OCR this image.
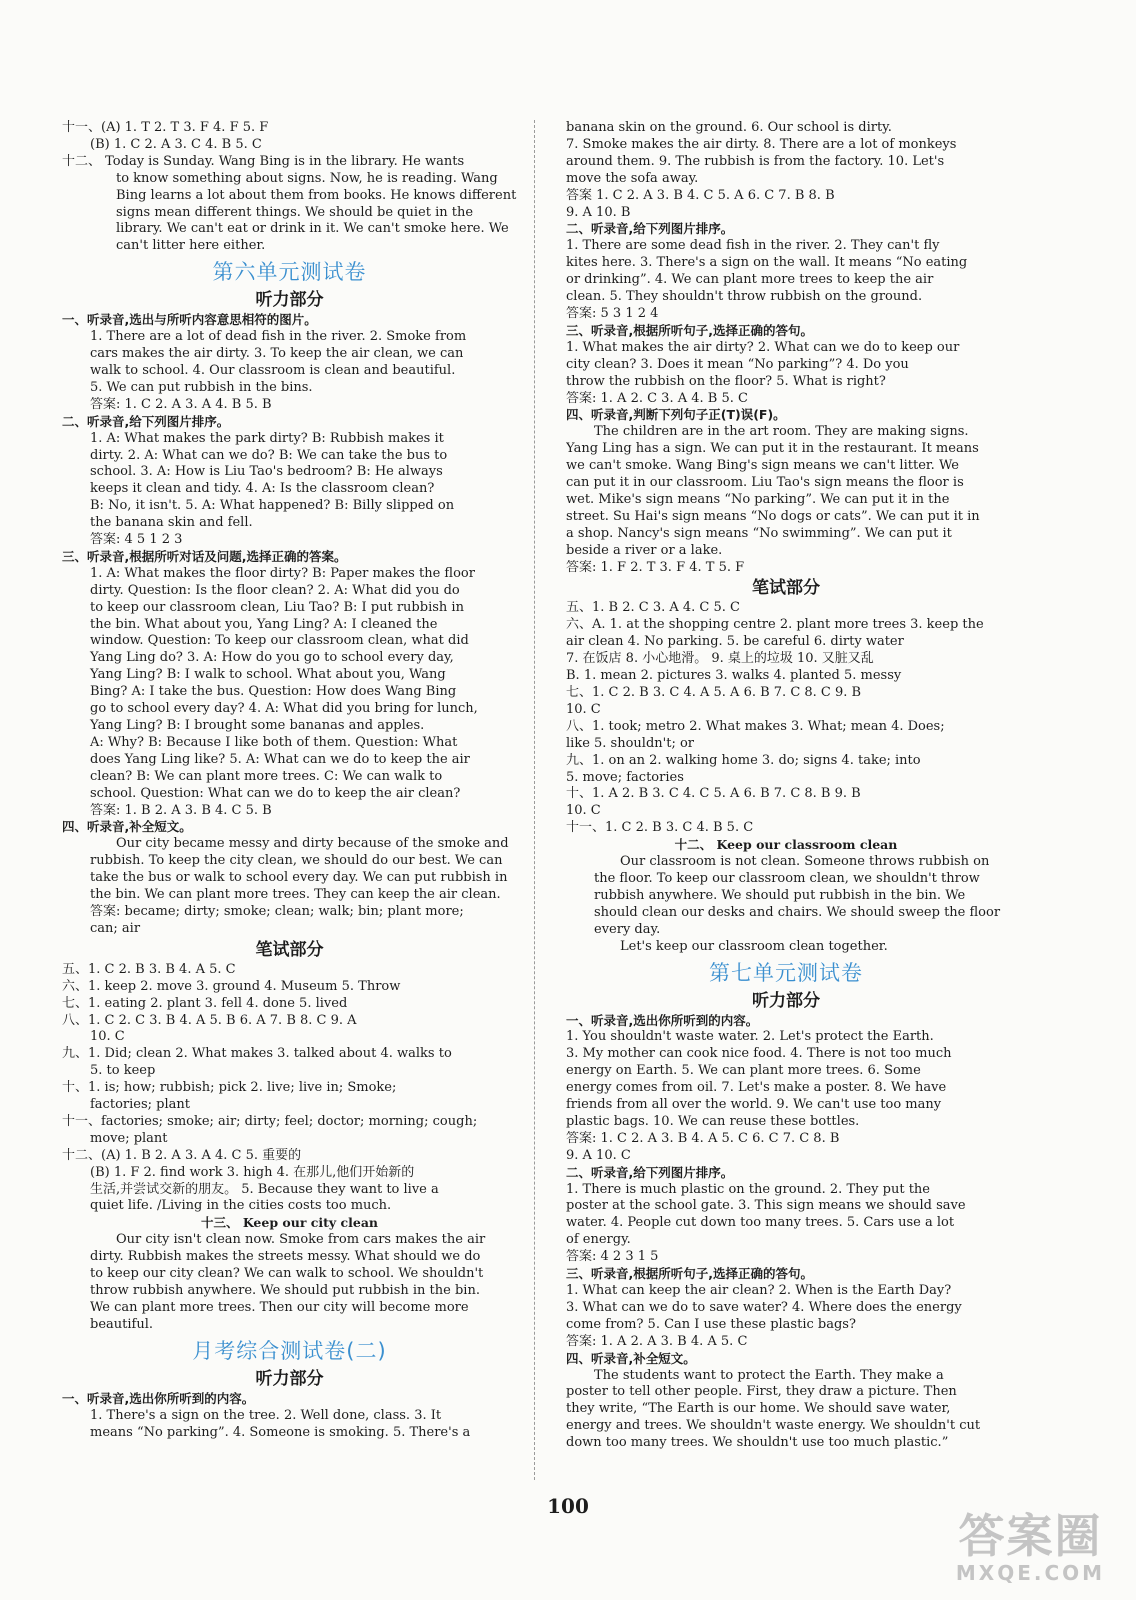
十一、(A) 1. T 2. T 3. F 4. F 5. F
(B) 1. C 2. A 3. C 4. B 5. C
十二、 Today is Sunday. Wang Bing is in the library. He wants
to know something about signs. Now, he is reading. Wang
Bing learns a lot about them from books. He knows different
signs mean different things. We should be quiet in the
library. We can't eat or drink in it. We can't smoke here. We
can't litter here either.
第六单元测试卷
听力部分
一、听录音,选出与所听内容意思相符的图片。
1. There are a lot of dead fish in the river. 2. Smoke from
cars makes the air dirty. 3. To keep the air clean, we can
walk to school. 4. Our classroom is clean and beautiful.
5. We can put rubbish in the bins.
答案: 1. C 2. A 3. A 4. B 5. B
二、听录音,给下列图片排序。
1. A: What makes the park dirty? B: Rubbish makes it
dirty. 2. A: What can we do? B: We can take the bus to
school. 3. A: How is Liu Tao's bedroom? B: He always
keeps it clean and tidy. 4. A: Is the classroom clean?
B: No, it isn't. 5. A: What happened? B: Billy slipped on
the banana skin and fell.
答案: 4 5 1 2 3
三、听录音,根据所听对话及问题,选择正确的答案。
1. A: What makes the floor dirty? B: Paper makes the floor
dirty. Question: Is the floor clean? 2. A: What did you do
to keep our classroom clean, Liu Tao? B: I put rubbish in
the bin. What about you, Yang Ling? A: I cleaned the
window. Question: To keep our classroom clean, what did
Yang Ling do? 3. A: How do you go to school every day,
Yang Ling? B: I walk to school. What about you, Wang
Bing? A: I take the bus. Question: How does Wang Bing
go to school every day? 4. A: What did you bring for lunch,
Yang Ling? B: I brought some bananas and apples.
A: Why? B: Because I like both of them. Question: What
does Yang Ling like? 5. A: What can we do to keep the air
clean? B: We can plant more trees. C: We can walk to
school. Question: What can we do to keep the air clean?
答案: 1. B 2. A 3. B 4. C 5. B
四、听录音,补全短文。
Our city became messy and dirty because of the smoke and
rubbish. To keep the city clean, we should do our best. We can
take the bus or walk to school every day. We can put rubbish in
the bin. We can plant more trees. They can keep the air clean.
答案: became; dirty; smoke; clean; walk; bin; plant more;
can; air
笔试部分
五、1. C 2. B 3. B 4. A 5. C
六、1. keep 2. move 3. ground 4. Museum 5. Throw
七、1. eating 2. plant 3. fell 4. done 5. lived
八、1. C 2. C 3. B 4. A 5. B 6. A 7. B 8. C 9. A
10. C
九、1. Did; clean 2. What makes 3. talked about 4. walks to
5. to keep
十、1. is; how; rubbish; pick 2. live; live in; Smoke;
factories; plant
十一、factories; smoke; air; dirty; feel; doctor; morning; cough;
move; plant
十二、(A) 1. B 2. A 3. A 4. C 5. 重要的
(B) 1. F 2. find work 3. high 4. 在那儿,他们开始新的
生活,并尝试交新的朋友。 5. Because they want to live a
quiet life. /Living in the cities costs too much.
十三、 Keep our city clean
Our city isn't clean now. Smoke from cars makes the air
dirty. Rubbish makes the streets messy. What should we do
to keep our city clean? We can walk to school. We shouldn't
throw rubbish anywhere. We should put rubbish in the bin.
We can plant more trees. Then our city will become more
beautiful.
月考综合测试卷(二)
听力部分
一、听录音,选出你所听到的内容。
1. There's a sign on the tree. 2. Well done, class. 3. It
means “No parking”. 4. Someone is smoking. 5. There's a
banana skin on the ground. 6. Our school is dirty.
7. Smoke makes the air dirty. 8. There are a lot of monkeys
around them. 9. The rubbish is from the factory. 10. Let's
move the sofa away.
答案 1. C 2. A 3. B 4. C 5. A 6. C 7. B 8. B
9. A 10. B
二、听录音,给下列图片排序。
1. There are some dead fish in the river. 2. They can't fly
kites here. 3. There's a sign on the wall. It means “No eating
or drinking”. 4. We can plant more trees to keep the air
clean. 5. They shouldn't throw rubbish on the ground.
答案: 5 3 1 2 4
三、听录音,根据所听句子,选择正确的答句。
1. What makes the air dirty? 2. What can we do to keep our
city clean? 3. Does it mean “No parking”? 4. Do you
throw the rubbish on the floor? 5. What is right?
答案: 1. A 2. C 3. A 4. B 5. C
四、听录音,判断下列句子正(T)误(F)。
The children are in the art room. They are making signs.
Yang Ling has a sign. We can put it in the restaurant. It means
we can't smoke. Wang Bing's sign means we can't litter. We
can put it in our classroom. Liu Tao's sign means the floor is
wet. Mike's sign means “No parking”. We can put it in the
street. Su Hai's sign means “No dogs or cats”. We can put it in
a shop. Nancy's sign means “No swimming”. We can put it
beside a river or a lake.
答案: 1. F 2. T 3. F 4. T 5. F
笔试部分
五、1. B 2. C 3. A 4. C 5. C
六、A. 1. at the shopping centre 2. plant more trees 3. keep the
air clean 4. No parking. 5. be careful 6. dirty water
7. 在饭店 8. 小心地滑。 9. 桌上的垃圾 10. 又脏又乱
B. 1. mean 2. pictures 3. walks 4. planted 5. messy
七、1. C 2. B 3. C 4. A 5. A 6. B 7. C 8. C 9. B
10. C
八、1. took; metro 2. What makes 3. What; mean 4. Does;
like 5. shouldn't; or
九、1. on an 2. walking home 3. do; signs 4. take; into
5. move; factories
十、1. A 2. B 3. C 4. C 5. A 6. B 7. C 8. B 9. B
10. C
十一、1. C 2. B 3. C 4. B 5. C
十二、 Keep our classroom clean
Our classroom is not clean. Someone throws rubbish on
the floor. To keep our classroom clean, we shouldn't throw
rubbish anywhere. We should put rubbish in the bin. We
should clean our desks and chairs. We should sweep the floor
every day.
Let's keep our classroom clean together.
第七单元测试卷
听力部分
一、听录音,选出你所听到的内容。
1. You shouldn't waste water. 2. Let's protect the Earth.
3. My mother can cook nice food. 4. There is not too much
energy on Earth. 5. We can plant more trees. 6. Some
energy comes from oil. 7. Let's make a poster. 8. We have
friends from all over the world. 9. We can't use too many
plastic bags. 10. We can reuse these bottles.
答案: 1. C 2. A 3. B 4. A 5. C 6. C 7. C 8. B
9. A 10. C
二、听录音,给下列图片排序。
1. There is much plastic on the ground. 2. They put the
poster at the school gate. 3. This sign means we should save
water. 4. People cut down too many trees. 5. Cars use a lot
of energy.
答案: 4 2 3 1 5
三、听录音,根据所听句子,选择正确的答句。
1. What can keep the air clean? 2. When is the Earth Day?
3. What can we do to save water? 4. Where does the energy
come from? 5. Can I use these plastic bags?
答案: 1. A 2. A 3. B 4. A 5. C
四、听录音,补全短文。
The students want to protect the Earth. They make a
poster to tell other people. First, they draw a picture. Then
they write, “The Earth is our home. We should save water,
energy and trees. We shouldn't waste energy. We shouldn't cut
down too many trees. We shouldn't use too much plastic.”
100
答案圈
MXQE.COM
